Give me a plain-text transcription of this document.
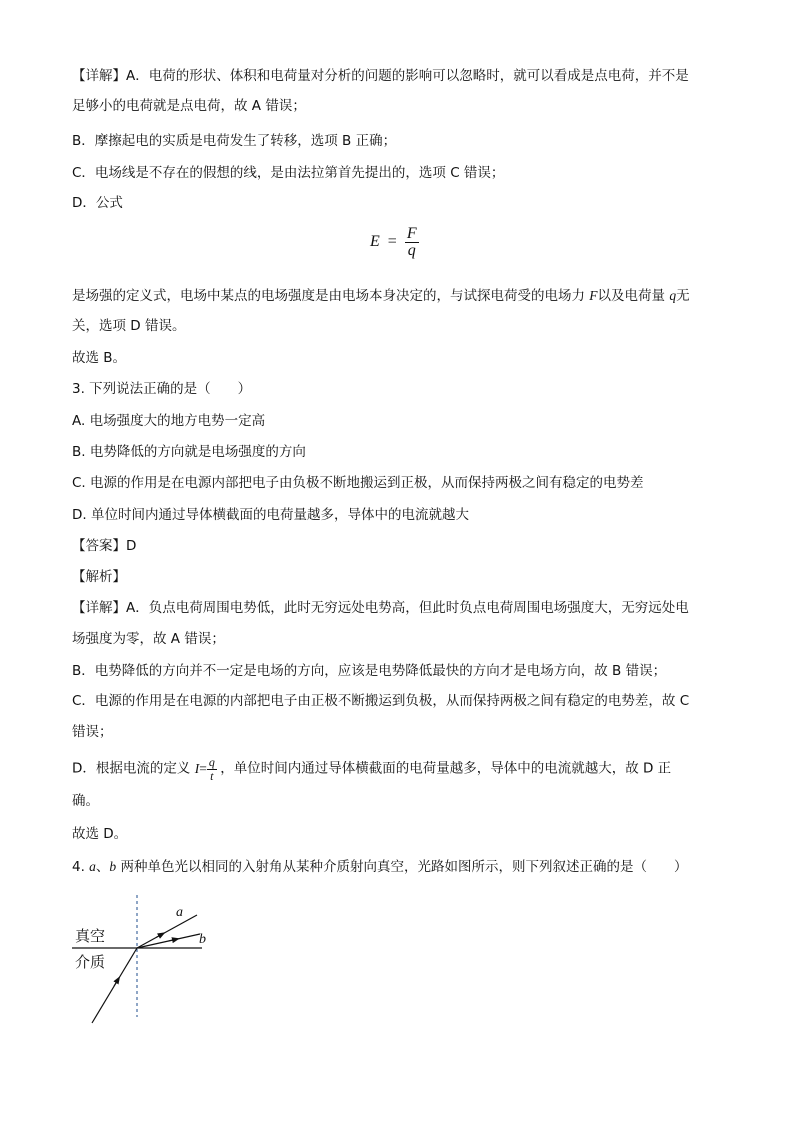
【详解】A．电荷的形状、体积和电荷量对分析的问题的影响可以忽略时，就可以看成是点电荷，并不是
足够小的电荷就是点电荷，故 A 错误；
B．摩擦起电的实质是电荷发生了转移，选项 B 正确；
C．电场线是不存在的假想的线，是由法拉第首先提出的，选项 C 错误；
D．公式
$E = \frac{F}{q}$
是场强的定义式，电场中某点的电场强度是由电场本身决定的，与试探电荷受的电场力 F以及电荷量 q无
关，选项 D 错误。
故选 B。
3. 下列说法正确的是（　　）
A. 电场强度大的地方电势一定高
B. 电势降低的方向就是电场强度的方向
C. 电源的作用是在电源内部把电子由负极不断地搬运到正极，从而保持两极之间有稳定的电势差
D. 单位时间内通过导体横截面的电荷量越多，导体中的电流就越大
【答案】D
【解析】
【详解】A．负点电荷周围电势低，此时无穷远处电势高，但此时负点电荷周围电场强度大，无穷远处电
场强度为零，故 A 错误；
B．电势降低的方向并不一定是电场的方向，应该是电势降低最快的方向才是电场方向，故 B 错误；
C．电源的作用是在电源的内部把电子由正极不断搬运到负极，从而保持两极之间有稳定的电势差，故 C
错误；
D．根据电流的定义 $I= \frac{q}{t}$ ，单位时间内通过导体横截面的电荷量越多，导体中的电流就越大，故 D 正
确。
故选 D。
4. a、b 两种单色光以相同的入射角从某种介质射向真空，光路如图所示，则下列叙述正确的是（　　）
真空
介质
a
b
